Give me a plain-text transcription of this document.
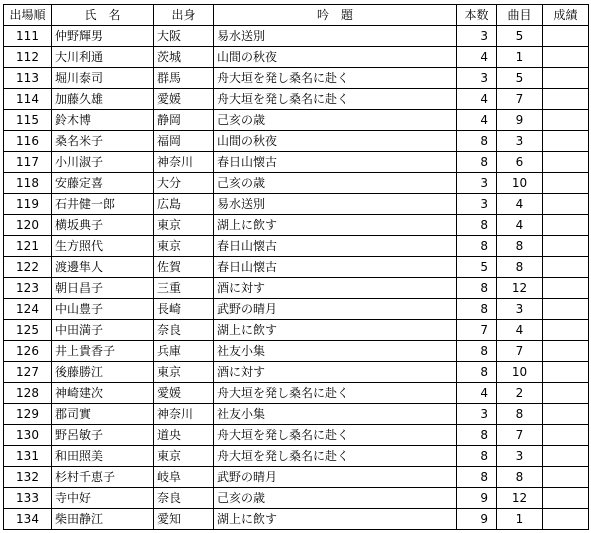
出場順	氏　名	出身	吟　題	本数	曲目	成績
111	仲野輝男	大阪	易水送別	3	5	
112	大川利通	茨城	山間の秋夜	4	1	
113	堀川泰司	群馬	舟大垣を発し桑名に赴く	3	5	
114	加藤久雄	愛媛	舟大垣を発し桑名に赴く	4	7	
115	鈴木博	静岡	己亥の歳	4	9	
116	桑名米子	福岡	山間の秋夜	8	3	
117	小川淑子	神奈川	春日山懐古	8	6	
118	安藤定喜	大分	己亥の歳	3	10	
119	石井健一郎	広島	易水送別	3	4	
120	横坂典子	東京	湖上に飲す	8	4	
121	生方照代	東京	春日山懐古	8	8	
122	渡邊隼人	佐賀	春日山懐古	5	8	
123	朝日昌子	三重	酒に対す	8	12	
124	中山豊子	長崎	武野の晴月	8	3	
125	中田満子	奈良	湖上に飲す	7	4	
126	井上貴香子	兵庫	社友小集	8	7	
127	後藤勝江	東京	酒に対す	8	10	
128	神崎建次	愛媛	舟大垣を発し桑名に赴く	4	2	
129	郡司實	神奈川	社友小集	3	8	
130	野呂敏子	道央	舟大垣を発し桑名に赴く	8	7	
131	和田照美	東京	舟大垣を発し桑名に赴く	8	3	
132	杉村千恵子	岐阜	武野の晴月	8	8	
133	寺中好	奈良	己亥の歳	9	12	
134	柴田静江	愛知	湖上に飲す	9	1	
